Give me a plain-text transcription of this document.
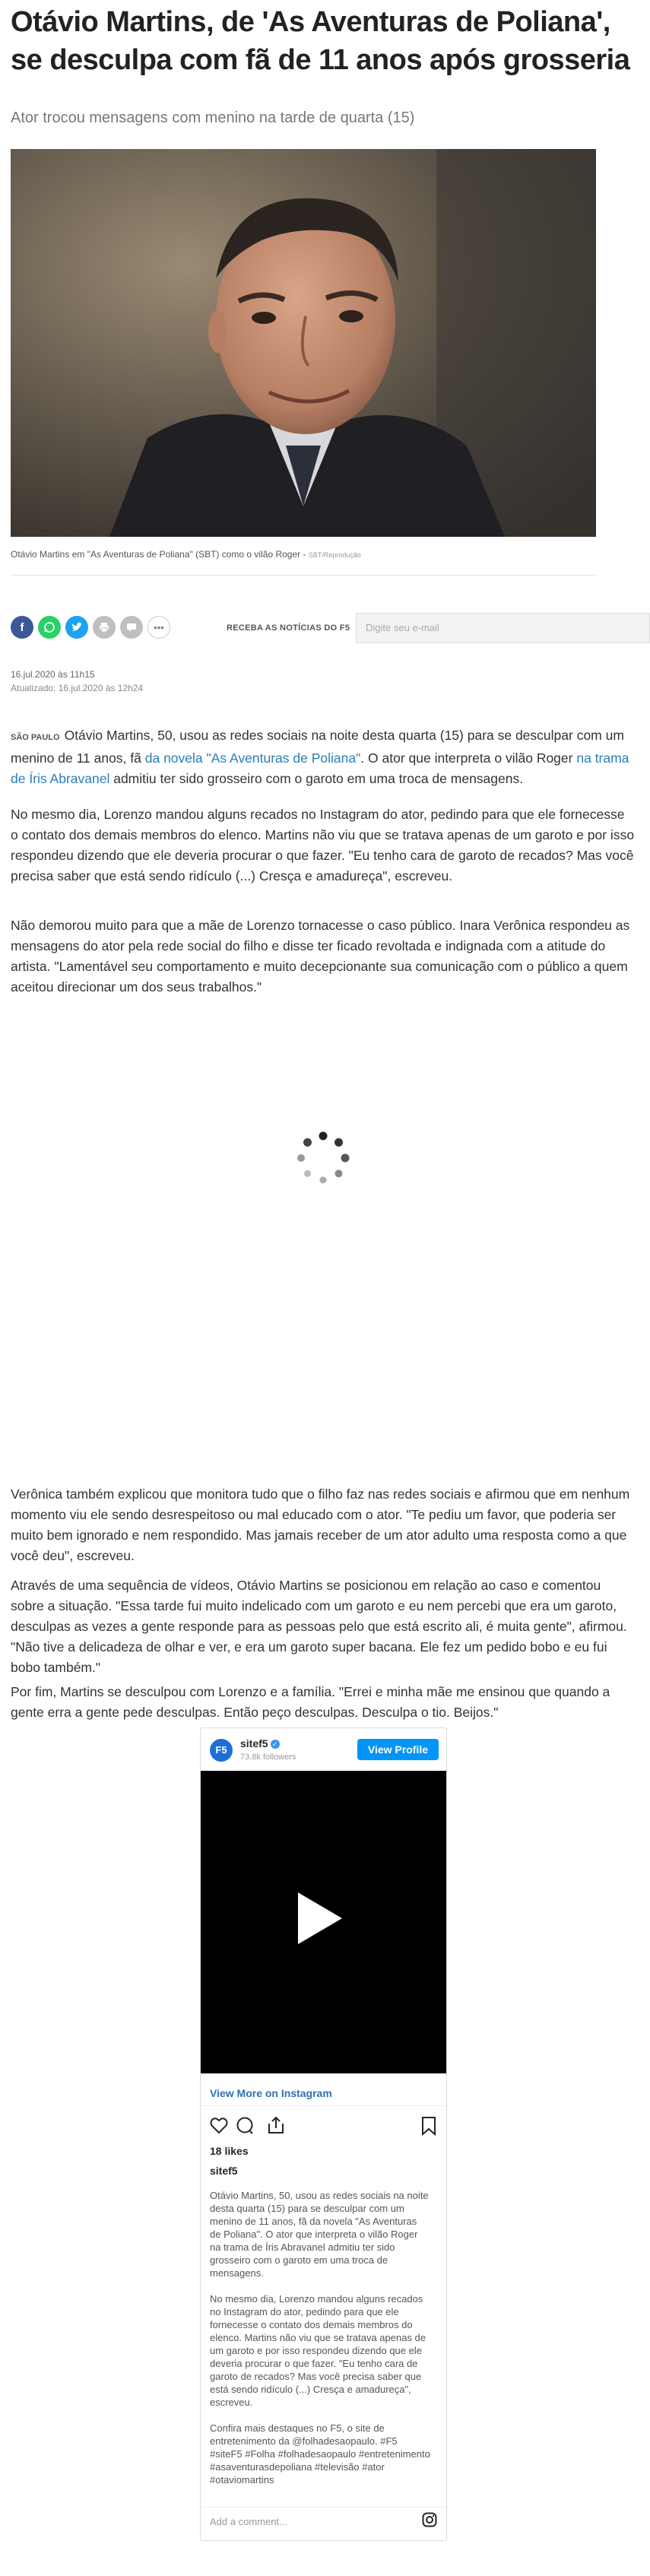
Otávio Martins, de 'As Aventuras de Poliana', se desculpa com fã de 11 anos após grosseria
Ator trocou mensagens com menino na tarde de quarta (15)
Otávio Martins em "As Aventuras de Poliana" (SBT) como o vilão Roger - SBT/Reprodução
f	•••	RECEBA AS NOTÍCIAS DO F5	Digite seu e-mail
16.jul.2020 às 11h15
Atualizado: 16.jul.2020 às 12h24

SÃO PAULO Otávio Martins, 50, usou as redes sociais na noite desta quarta (15) para se desculpar com um menino de 11 anos, fã da novela "As Aventuras de Poliana". O ator que interpreta o vilão Roger na trama de Íris Abravanel admitiu ter sido grosseiro com o garoto em uma troca de mensagens.

No mesmo dia, Lorenzo mandou alguns recados no Instagram do ator, pedindo para que ele fornecesse o contato dos demais membros do elenco. Martins não viu que se tratava apenas de um garoto e por isso respondeu dizendo que ele deveria procurar o que fazer. "Eu tenho cara de garoto de recados? Mas você precisa saber que está sendo ridículo (...) Cresça e amadureça", escreveu.

Não demorou muito para que a mãe de Lorenzo tornacesse o caso público. Inara Verônica respondeu as mensagens do ator pela rede social do filho e disse ter ficado revoltada e indignada com a atitude do artista. "Lamentável seu comportamento e muito decepcionante sua comunicação com o público a quem aceitou direcionar um dos seus trabalhos."

Verônica também explicou que monitora tudo que o filho faz nas redes sociais e afirmou que em nenhum momento viu ele sendo desrespeitoso ou mal educado com o ator. "Te pediu um favor, que poderia ser muito bem ignorado e nem respondido. Mas jamais receber de um ator adulto uma resposta como a que você deu", escreveu.

Através de uma sequência de vídeos, Otávio Martins se posicionou em relação ao caso e comentou sobre a situação. "Essa tarde fui muito indelicado com um garoto e eu nem percebi que era um garoto, desculpas as vezes a gente responde para as pessoas pelo que está escrito ali, é muita gente", afirmou. "Não tive a delicadeza de olhar e ver, e era um garoto super bacana. Ele fez um pedido bobo e eu fui bobo também."

Por fim, Martins se desculpou com Lorenzo e a família. "Errei e minha mãe me ensinou que quando a gente erra a gente pede desculpas. Então peço desculpas. Desculpa o tio. Beijos."

F5
sitef5 ✓
73.8k followers
View Profile
View More on Instagram
18 likes
sitef5

Otávio Martins, 50, usou as redes sociais na noite desta quarta (15) para se desculpar com um menino de 11 anos, fã da novela "As Aventuras de Poliana". O ator que interpreta o vilão Roger na trama de Íris Abravanel admitiu ter sido grosseiro com o garoto em uma troca de mensagens.

No mesmo dia, Lorenzo mandou alguns recados no Instagram do ator, pedindo para que ele fornecesse o contato dos demais membros do elenco. Martins não viu que se tratava apenas de um garoto e por isso respondeu dizendo que ele deveria procurar o que fazer. "Eu tenho cara de garoto de recados? Mas você precisa saber que está sendo ridículo (...) Cresça e amadureça", escreveu.

Confira mais destaques no F5, o site de entretenimento da @folhadesaopaulo. #F5 #siteF5 #Folha #folhadesaopaulo #entretenimento #asaventurasdepoliana #televisão #ator #otaviomartins

Add a comment...
